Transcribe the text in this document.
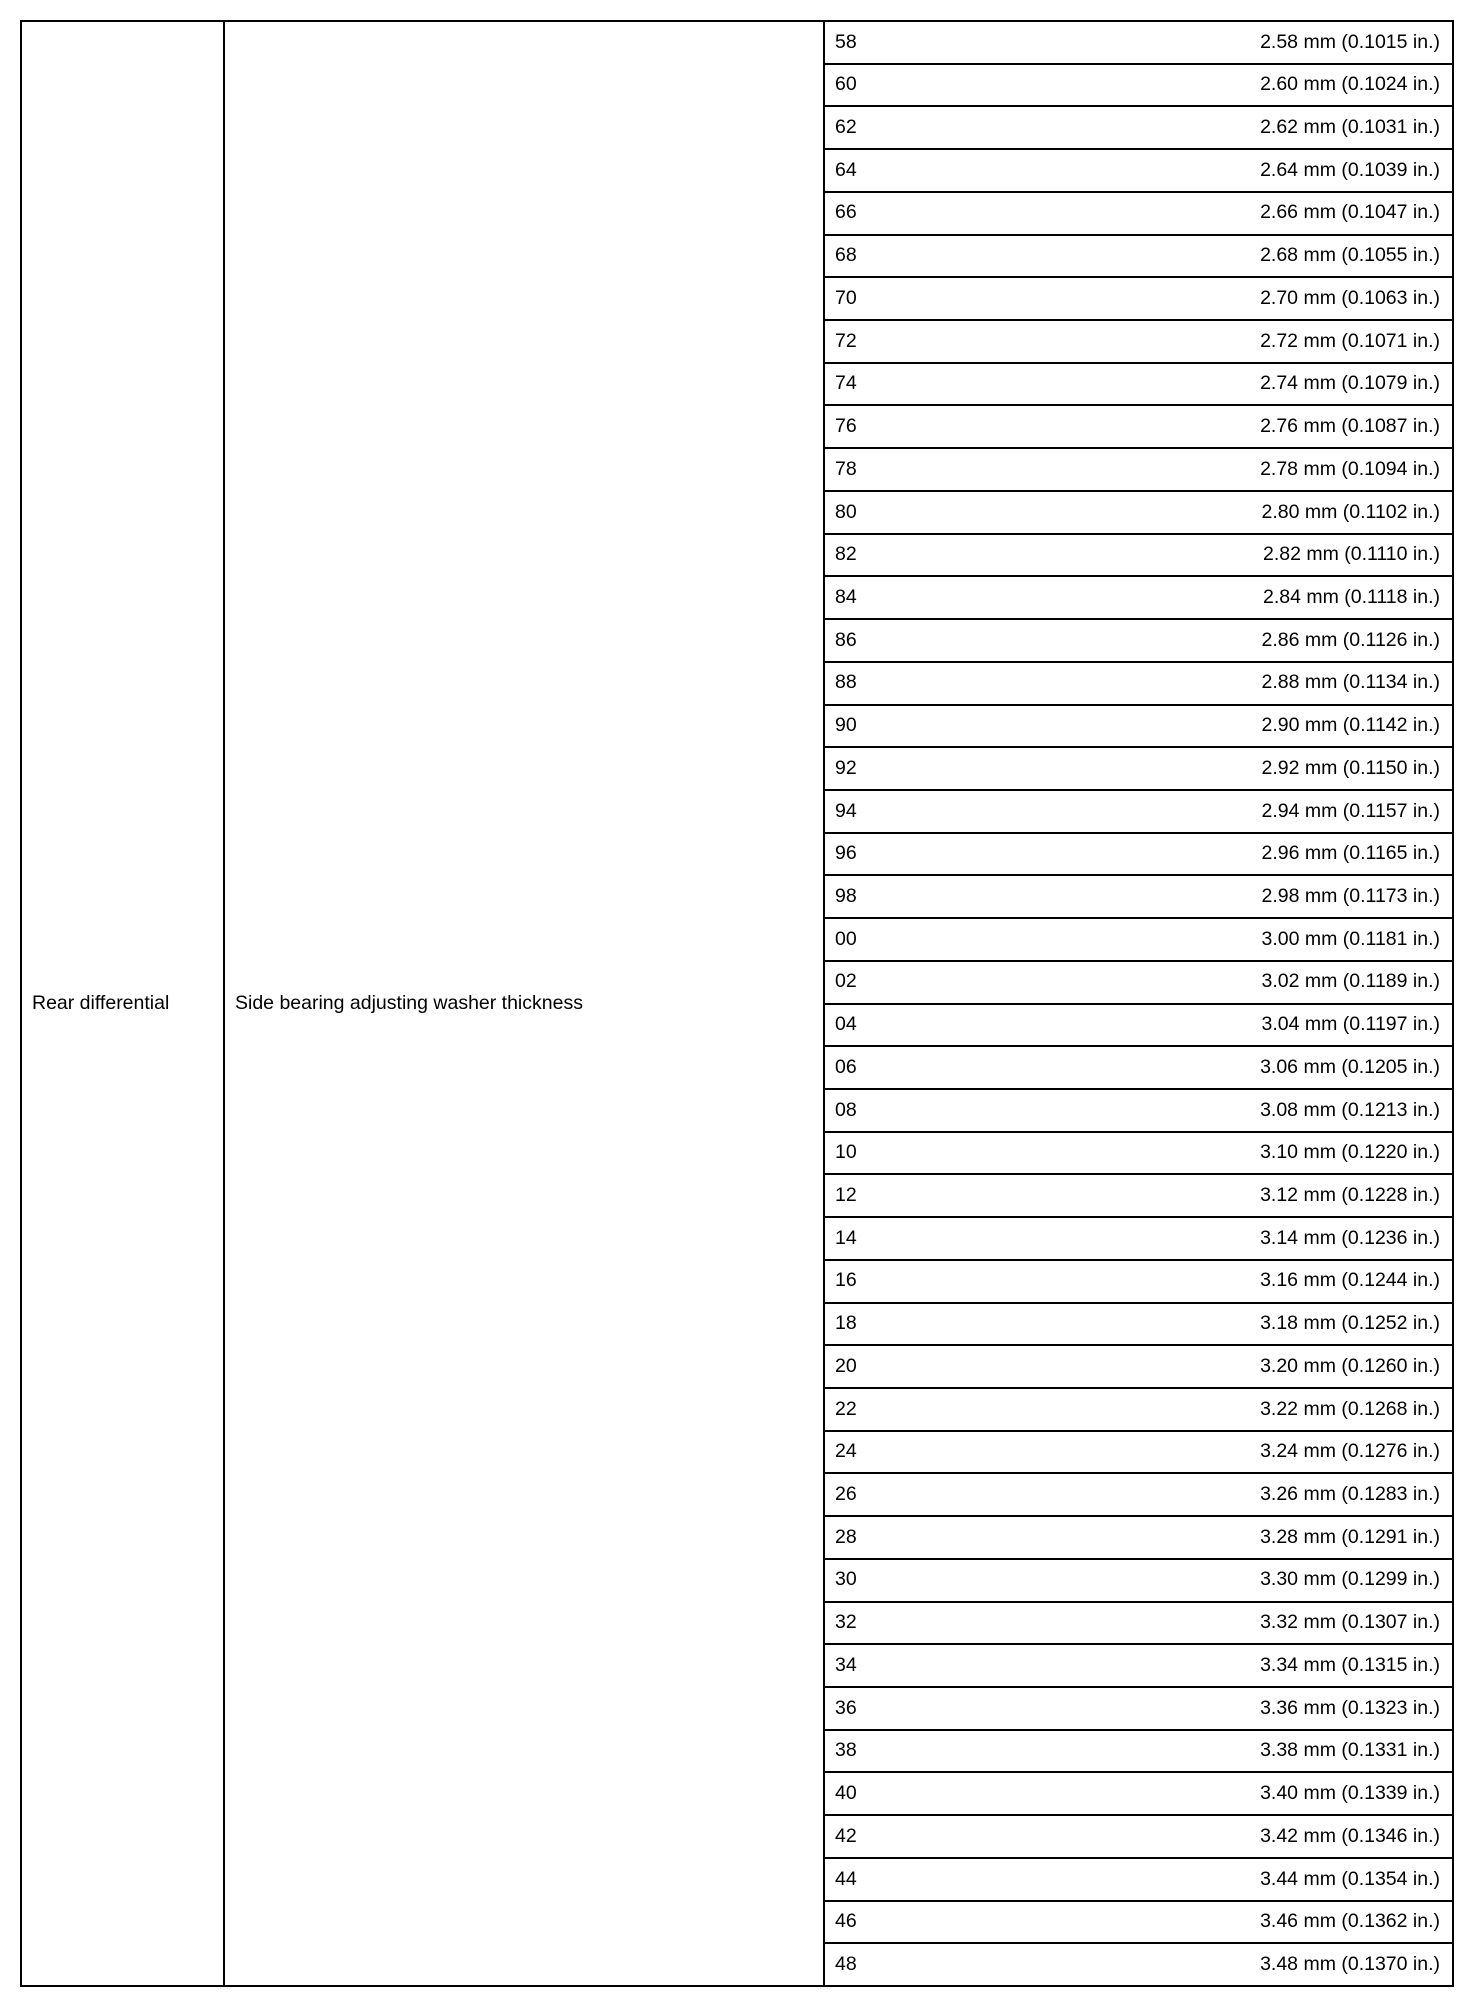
Rear differential	Side bearing adjusting washer thickness	58	2.58 mm (0.1015 in.)
		60	2.60 mm (0.1024 in.)
		62	2.62 mm (0.1031 in.)
		64	2.64 mm (0.1039 in.)
		66	2.66 mm (0.1047 in.)
		68	2.68 mm (0.1055 in.)
		70	2.70 mm (0.1063 in.)
		72	2.72 mm (0.1071 in.)
		74	2.74 mm (0.1079 in.)
		76	2.76 mm (0.1087 in.)
		78	2.78 mm (0.1094 in.)
		80	2.80 mm (0.1102 in.)
		82	2.82 mm (0.1110 in.)
		84	2.84 mm (0.1118 in.)
		86	2.86 mm (0.1126 in.)
		88	2.88 mm (0.1134 in.)
		90	2.90 mm (0.1142 in.)
		92	2.92 mm (0.1150 in.)
		94	2.94 mm (0.1157 in.)
		96	2.96 mm (0.1165 in.)
		98	2.98 mm (0.1173 in.)
		00	3.00 mm (0.1181 in.)
		02	3.02 mm (0.1189 in.)
		04	3.04 mm (0.1197 in.)
		06	3.06 mm (0.1205 in.)
		08	3.08 mm (0.1213 in.)
		10	3.10 mm (0.1220 in.)
		12	3.12 mm (0.1228 in.)
		14	3.14 mm (0.1236 in.)
		16	3.16 mm (0.1244 in.)
		18	3.18 mm (0.1252 in.)
		20	3.20 mm (0.1260 in.)
		22	3.22 mm (0.1268 in.)
		24	3.24 mm (0.1276 in.)
		26	3.26 mm (0.1283 in.)
		28	3.28 mm (0.1291 in.)
		30	3.30 mm (0.1299 in.)
		32	3.32 mm (0.1307 in.)
		34	3.34 mm (0.1315 in.)
		36	3.36 mm (0.1323 in.)
		38	3.38 mm (0.1331 in.)
		40	3.40 mm (0.1339 in.)
		42	3.42 mm (0.1346 in.)
		44	3.44 mm (0.1354 in.)
		46	3.46 mm (0.1362 in.)
		48	3.48 mm (0.1370 in.)
